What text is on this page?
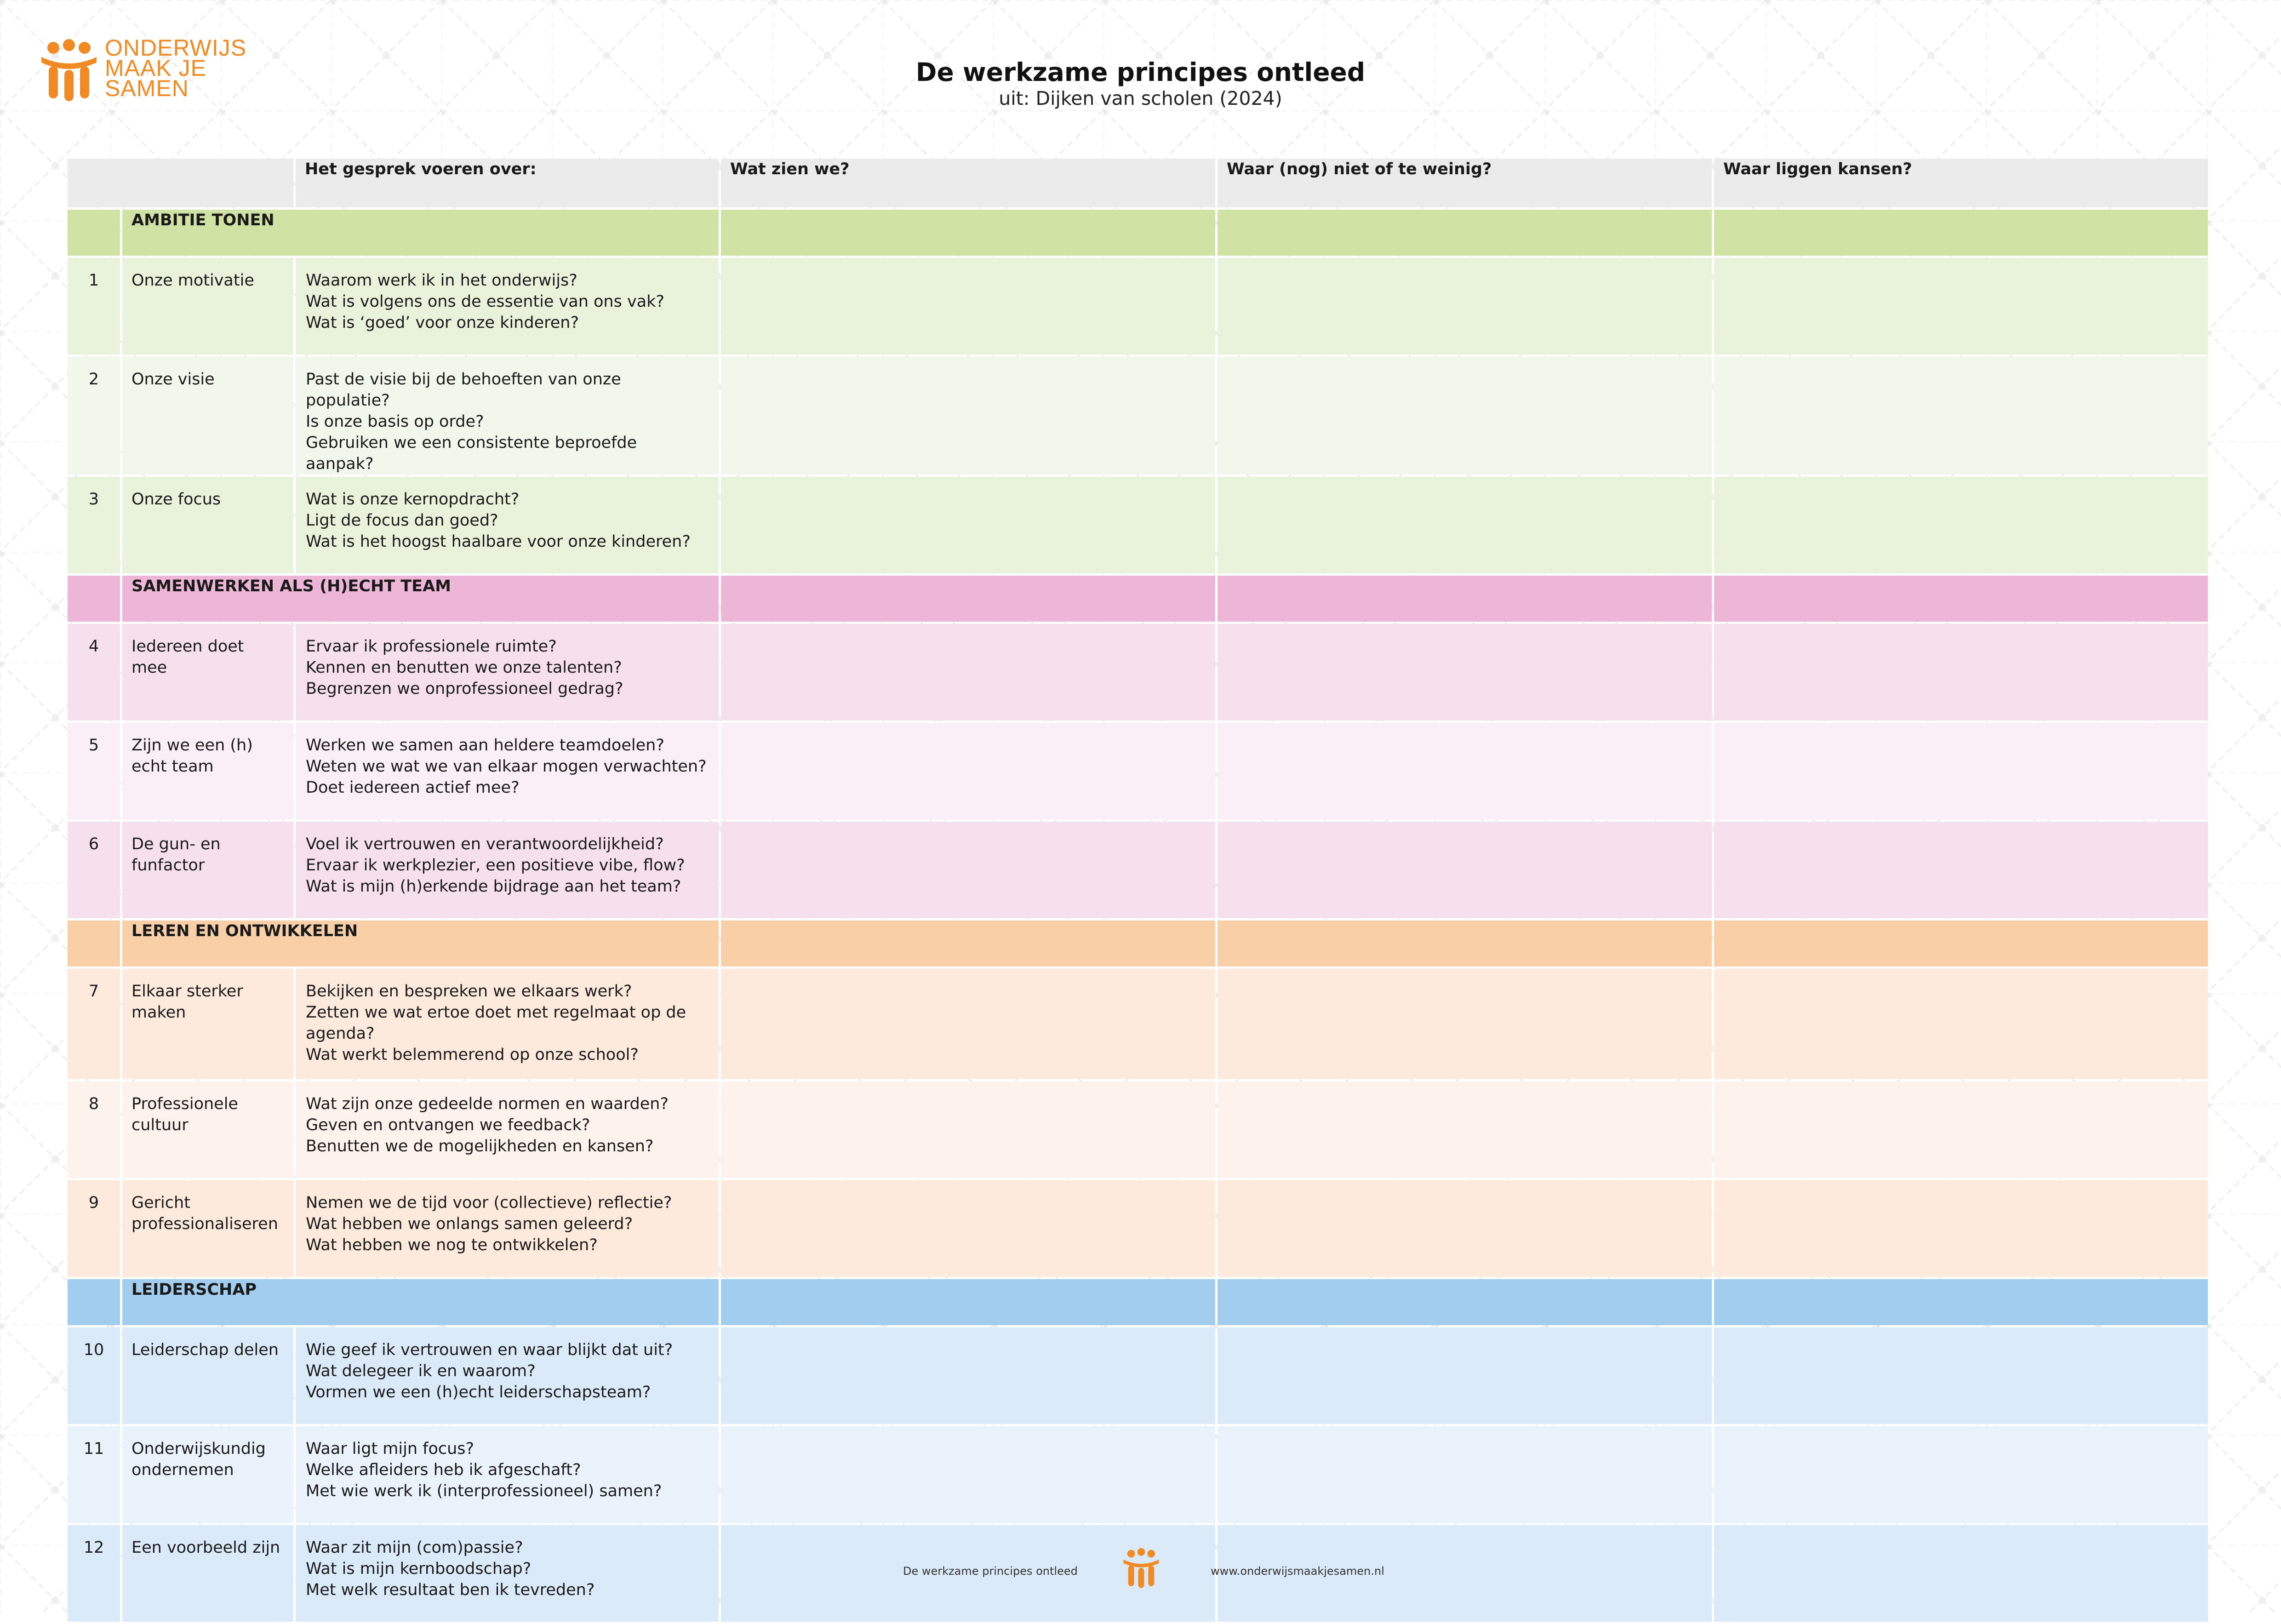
ONDERWIJS
MAAK JE
SAMEN
De werkzame principes ontleed
uit: Dijken van scholen (2024)

		Het gesprek voeren over:	Wat zien we?	Waar (nog) niet of te weinig?	Waar liggen kansen?

	AMBITIE TONEN				

1	Onze motivatie	Waarom werk ik in het onderwijs?
Wat is volgens ons de essentie van ons vak?
Wat is ‘goed’ voor onze kinderen?			

2	Onze visie	Past de visie bij de behoeften van onze populatie?
Is onze basis op orde?
Gebruiken we een consistente beproefde aanpak?			

3	Onze focus	Wat is onze kernopdracht?
Ligt de focus dan goed?
Wat is het hoogst haalbare voor onze kinderen?			

	SAMENWERKEN ALS (H)ECHT TEAM				

4	Iedereen doet mee	Ervaar ik professionele ruimte?
Kennen en benutten we onze talenten?
Begrenzen we onprofessioneel gedrag?			

5	Zijn we een (h) echt team	Werken we samen aan heldere teamdoelen?
Weten we wat we van elkaar mogen verwachten?
Doet iedereen actief mee?			

6	De gun- en funfactor	Voel ik vertrouwen en verantwoordelijkheid?
Ervaar ik werkplezier, een positieve vibe, flow?
Wat is mijn (h)erkende bijdrage aan het team?			

	LEREN EN ONTWIKKELEN				

7	Elkaar sterker maken	Bekijken en bespreken we elkaars werk?
Zetten we wat ertoe doet met regelmaat op de agenda?
Wat werkt belemmerend op onze school?			

8	Professionele cultuur	Wat zijn onze gedeelde normen en waarden?
Geven en ontvangen we feedback?
Benutten we de mogelijkheden en kansen?			

9	Gericht professionaliseren	Nemen we de tijd voor (collectieve) reflectie?
Wat hebben we onlangs samen geleerd?
Wat hebben we nog te ontwikkelen?			

	LEIDERSCHAP				

10	Leiderschap delen	Wie geef ik vertrouwen en waar blijkt dat uit?
Wat delegeer ik en waarom?
Vormen we een (h)echt leiderschapsteam?			

11	Onderwijskundig ondernemen	Waar ligt mijn focus?
Welke afleiders heb ik afgeschaft?
Met wie werk ik (interprofessioneel) samen?			

12	Een voorbeeld zijn	Waar zit mijn (com)passie?
Wat is mijn kernboodschap?
Met welk resultaat ben ik tevreden?			

De werkzame principes ontleed	www.onderwijsmaakjesamen.nl
